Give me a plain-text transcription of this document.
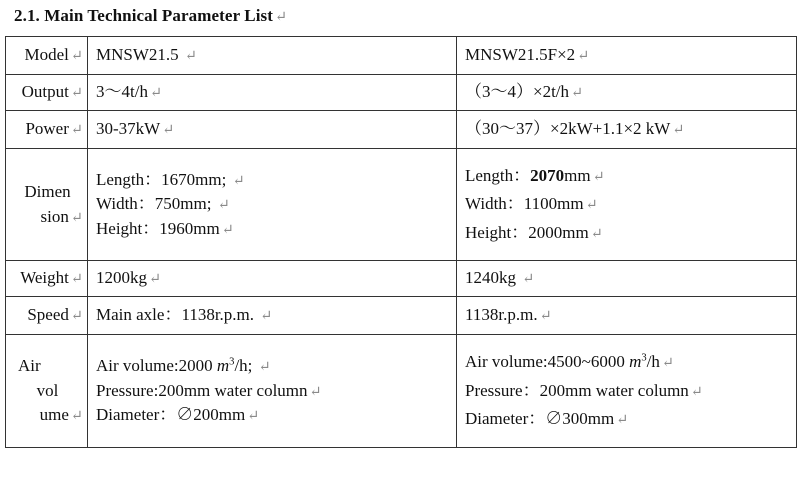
2.1. Main Technical Parameter List ↵
Model ↵	MNSW21.5 ↵	MNSW21.5F×2 ↵
Output ↵	3～4t/h ↵	（3～4）×2t/h ↵
Power ↵	30-37kW ↵	（30～37）×2kW+1.1×2 kW ↵

Dimen
sion ↵	Length：1670mm; ↵
Width：750mm; ↵
Height：1960mm ↵	Length：2070mm ↵
Width：1100mm ↵
Height：2000mm ↵

Weight ↵	1200kg ↵	1240kg ↵
Speed ↵	Main axle：1138r.p.m. ↵	1138r.p.m. ↵

Air
vol
ume ↵	Air volume:2000 $m^3/h$; ↵
Pressure:200mm water column ↵
Diameter：∅200mm ↵	Air volume:4500~6000 $m^3/h$ ↵
Pressure：200mm water column ↵
Diameter：∅300mm ↵
